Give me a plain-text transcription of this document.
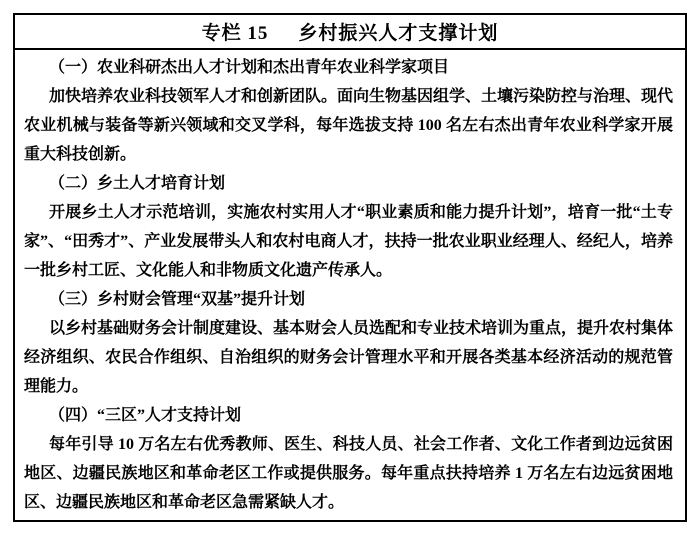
专栏 15 乡村振兴人才支撑计划
（一）农业科研杰出人才计划和杰出青年农业科学家项目

加快培养农业科技领军人才和创新团队。面向生物基因组学、土壤污染防控与治理、现代农业机械与装备等新兴领域和交叉学科，每年选拔支持 100 名左右杰出青年农业科学家开展重大科技创新。

（二）乡土人才培育计划

开展乡土人才示范培训，实施农村实用人才“职业素质和能力提升计划”，培育一批“土专家”、“田秀才”、产业发展带头人和农村电商人才，扶持一批农业职业经理人、经纪人，培养一批乡村工匠、文化能人和非物质文化遗产传承人。

（三）乡村财会管理“双基”提升计划

以乡村基础财务会计制度建设、基本财会人员选配和专业技术培训为重点，提升农村集体经济组织、农民合作组织、自治组织的财务会计管理水平和开展各类基本经济活动的规范管理能力。

（四）“三区”人才支持计划

每年引导 10 万名左右优秀教师、医生、科技人员、社会工作者、文化工作者到边远贫困地区、边疆民族地区和革命老区工作或提供服务。每年重点扶持培养 1 万名左右边远贫困地区、边疆民族地区和革命老区急需紧缺人才。
